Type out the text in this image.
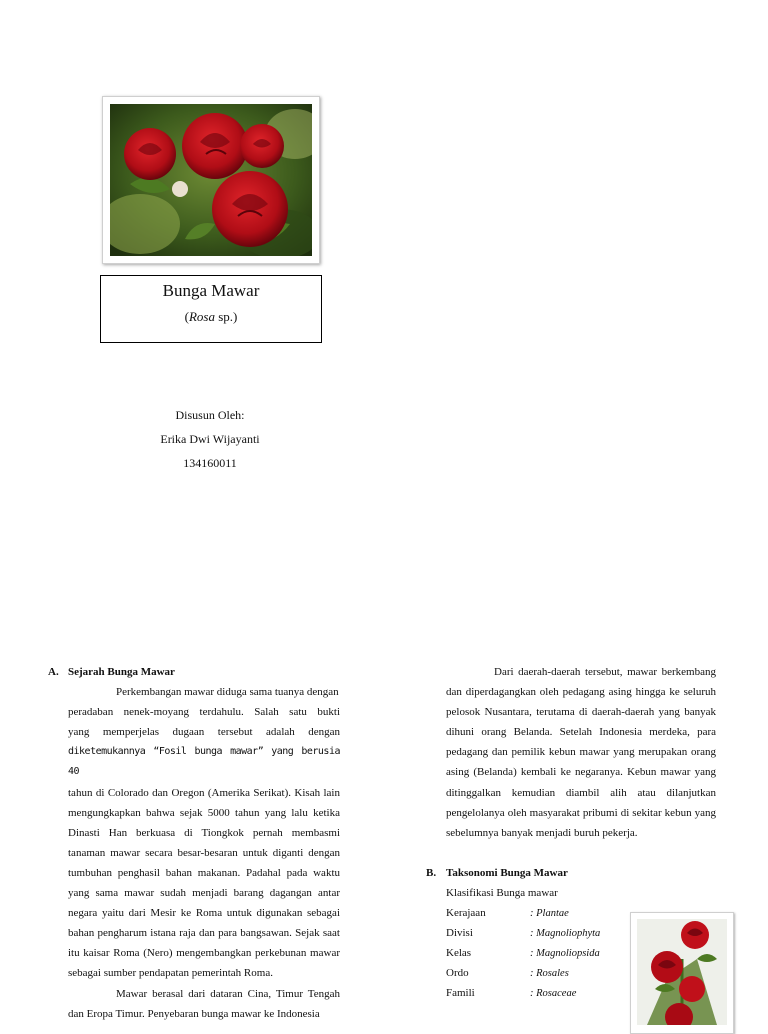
Bunga Mawar
(Rosa sp.)
Disusun Oleh:
Erika Dwi Wijayanti
134160011
A. Sejarah Bunga Mawar

Perkembangan mawar diduga sama tuanya dengan

peradaban nenek-moyang terdahulu. Salah satu bukti

yang memperjelas dugaan tersebut adalah dengan

diketemukannya “Fosil bunga mawar” yang berusia 40

tahun di Colorado dan Oregon (Amerika Serikat). Kisah lain mengungkapkan bahwa sejak 5000 tahun yang lalu ketika Dinasti Han berkuasa di Tiongkok pernah membasmi tanaman mawar secara besar-besaran untuk diganti dengan tumbuhan penghasil bahan makanan. Padahal pada waktu yang sama mawar sudah menjadi barang dagangan antar negara yaitu dari Mesir ke Roma untuk digunakan sebagai bahan pengharum istana raja dan para bangsawan. Sejak saat itu kaisar Roma (Nero) mengembangkan perkebunan mawar sebagai sumber pendapatan pemerintah Roma.

Mawar berasal dari dataran Cina, Timur Tengah dan Eropa Timur. Penyebaran bunga mawar ke Indonesia

Dari daerah-daerah tersebut, mawar berkembang dan diperdagangkan oleh pedagang asing hingga ke seluruh pelosok Nusantara, terutama di daerah-daerah yang banyak dihuni orang Belanda. Setelah Indonesia merdeka, para pedagang dan pemilik kebun mawar yang merupakan orang asing (Belanda) kembali ke negaranya. Kebun mawar yang ditinggalkan kemudian diambil alih atau dilanjutkan pengelolanya oleh masyarakat pribumi di sekitar kebun yang sebelumnya banyak menjadi buruh pekerja.

B. Taksonomi Bunga Mawar
Klasifikasi Bunga mawar
Kerajaan	: Plantae
Divisi	: Magnoliophyta
Kelas	: Magnoliopsida
Ordo	: Rosales
Famili	: Rosaceae
